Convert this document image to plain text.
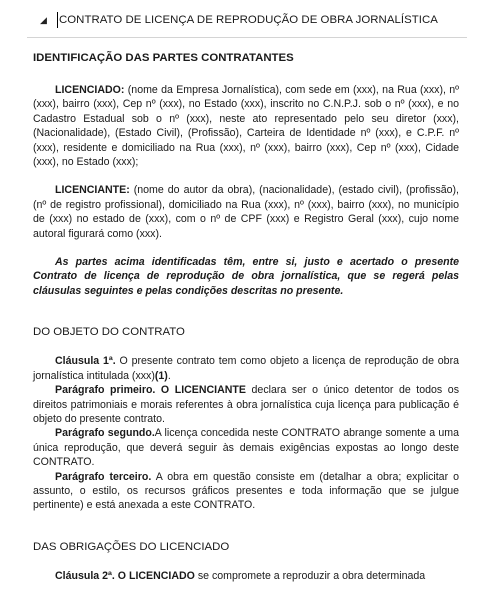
◢ CONTRATO DE LICENÇA DE REPRODUÇÃO DE OBRA JORNALÍSTICA
IDENTIFICAÇÃO DAS PARTES CONTRATANTES

LICENCIADO: (nome da Empresa Jornalística), com sede em (xxx), na Rua (xxx), nº (xxx), bairro (xxx), Cep nº (xxx), no Estado (xxx), inscrito no C.N.P.J. sob o nº (xxx), e no Cadastro Estadual sob o nº (xxx), neste ato representado pelo seu diretor (xxx), (Nacionalidade), (Estado Civil), (Profissão), Carteira de Identidade nº (xxx), e C.P.F. nº (xxx), residente e domiciliado na Rua (xxx), nº (xxx), bairro (xxx), Cep nº (xxx), Cidade (xxx), no Estado (xxx);

LICENCIANTE: (nome do autor da obra), (nacionalidade), (estado civil), (profissão), (nº de registro profissional), domiciliado na Rua (xxx), nº (xxx), bairro (xxx), no município de (xxx) no estado de (xxx), com o nº de CPF (xxx) e Registro Geral (xxx), cujo nome autoral figurará como (xxx).

As partes acima identificadas têm, entre si, justo e acertado o presente Contrato de licença de reprodução de obra jornalística, que se regerá pelas cláusulas seguintes e pelas condições descritas no presente.

DO OBJETO DO CONTRATO

Cláusula 1ª. O presente contrato tem como objeto a licença de reprodução de obra jornalística intitulada (xxx)(1).

Parágrafo primeiro. O LICENCIANTE declara ser o único detentor de todos os direitos patrimoniais e morais referentes à obra jornalística cuja licença para publicação é objeto do presente contrato.

Parágrafo segundo.A licença concedida neste CONTRATO abrange somente a uma única reprodução, que deverá seguir às demais exigências expostas ao longo deste CONTRATO.

Parágrafo terceiro. A obra em questão consiste em (detalhar a obra; explicitar o assunto, o estilo, os recursos gráficos presentes e toda informação que se julgue pertinente) e está anexada a este CONTRATO.

DAS OBRIGAÇÕES DO LICENCIADO

Cláusula 2ª. O LICENCIADO se compromete a reproduzir a obra determinada
